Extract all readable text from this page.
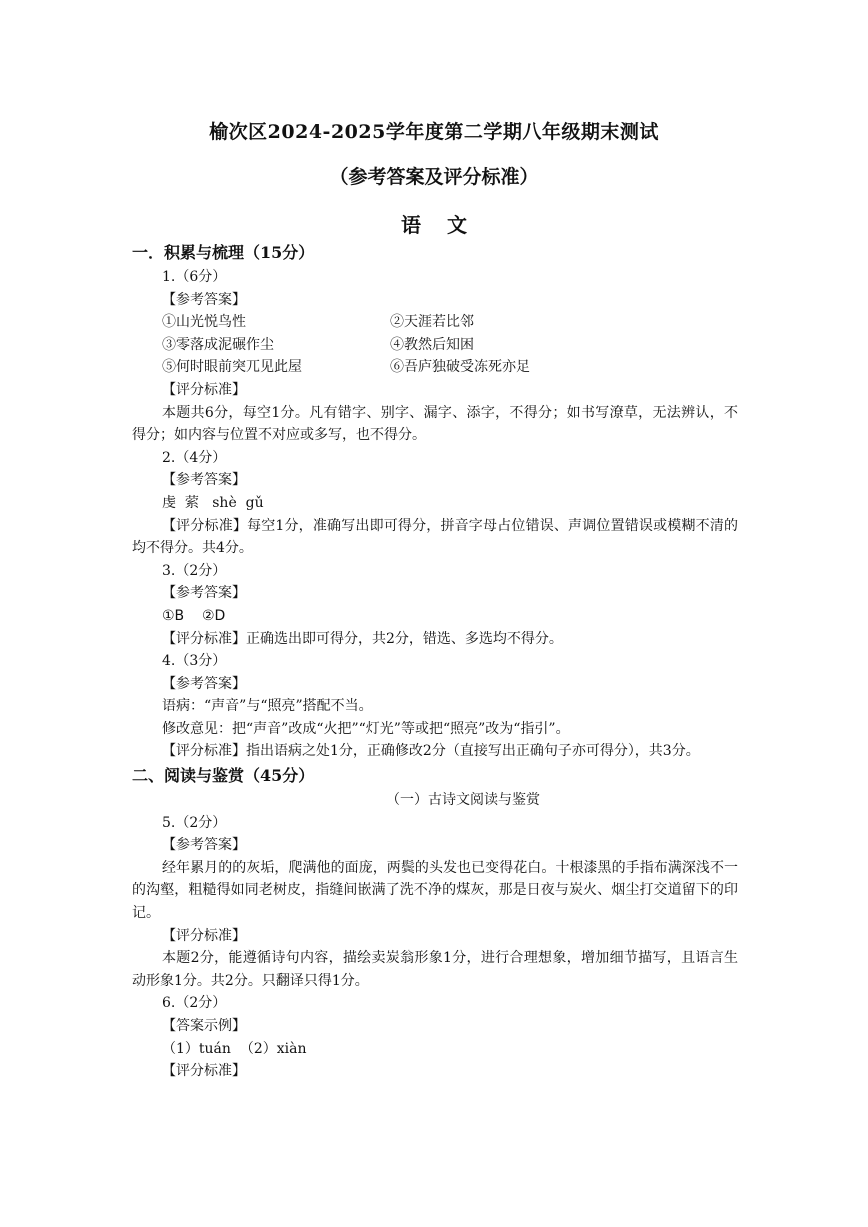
榆次区2024-2025学年度第二学期八年级期末测试
（参考答案及评分标准）
语文
一．积累与梳理（15分）
1.（6分）
【参考答案】
①山光悦鸟性	②天涯若比邻
③零落成泥碾作尘	④教然后知困
⑤何时眼前突兀见此屋	⑥吾庐独破受冻死亦足
【评分标准】
本题共6分，每空1分。凡有错字、别字、漏字、添字，不得分；如书写潦草，无法辨认，不得分；如内容与位置不对应或多写，也不得分。
2.（4分）
【参考答案】
虔  萦   shè  gǔ
【评分标准】每空1分，准确写出即可得分，拼音字母占位错误、声调位置错误或模糊不清的均不得分。共4分。
3.（2分）
【参考答案】
①B    ②D
【评分标准】正确选出即可得分，共2分，错选、多选均不得分。
4.（3分）
【参考答案】
语病：“声音”与“照亮”搭配不当。
修改意见：把“声音”改成“火把”“灯光”等或把“照亮”改为“指引”。
【评分标准】指出语病之处1分，正确修改2分（直接写出正确句子亦可得分），共3分。
二、阅读与鉴赏（45分）
（一）古诗文阅读与鉴赏
5.（2分）
【参考答案】
经年累月的的灰垢，爬满他的面庞，两鬓的头发也已变得花白。十根漆黑的手指布满深浅不一的沟壑，粗糙得如同老树皮，指缝间嵌满了洗不净的煤灰，那是日夜与炭火、烟尘打交道留下的印记。
【评分标准】
本题2分，能遵循诗句内容，描绘卖炭翁形象1分，进行合理想象，增加细节描写，且语言生动形象1分。共2分。只翻译只得1分。
6.（2分）
【答案示例】
（1）tuán  （2）xiàn
【评分标准】
